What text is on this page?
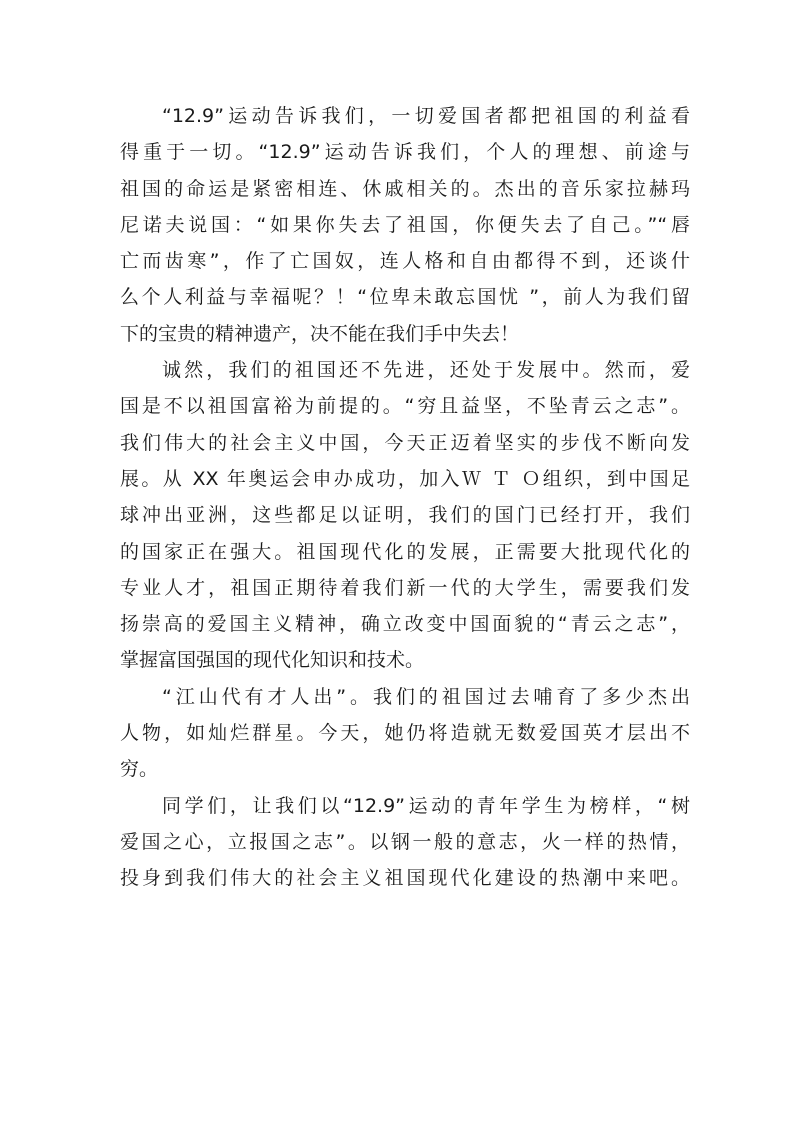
“12.9”运动告诉我们，一切爱国者都把祖国的利益看
得重于一切。“12.9”运动告诉我们，个人的理想、前途与
祖国的命运是紧密相连、休戚相关的。杰出的音乐家拉赫玛
尼诺夫说国：“如果你失去了祖国，你便失去了自己。”“唇
亡而齿寒”，作了亡国奴，连人格和自由都得不到，还谈什
么个人利益与幸福呢？！“位卑未敢忘国忧 ”，前人为我们留
下的宝贵的精神遗产，决不能在我们手中失去！
诚然，我们的祖国还不先进，还处于发展中。然而，爱
国是不以祖国富裕为前提的。“穷且益坚，不坠青云之志”。
我们伟大的社会主义中国，今天正迈着坚实的步伐不断向发
展。从 XX 年奥运会申办成功，加入Ｗ Ｔ Ｏ组织，到中国足
球冲出亚洲，这些都足以证明，我们的国门已经打开，我们
的国家正在强大。祖国现代化的发展，正需要大批现代化的
专业人才，祖国正期待着我们新一代的大学生，需要我们发
扬崇高的爱国主义精神，确立改变中国面貌的“青云之志”，
掌握富国强国的现代化知识和技术。
“江山代有才人出”。我们的祖国过去哺育了多少杰出
人物，如灿烂群星。今天，她仍将造就无数爱国英才层出不
穷。
同学们，让我们以“12.9”运动的青年学生为榜样，“树
爱国之心，立报国之志”。以钢一般的意志，火一样的热情，
投身到我们伟大的社会主义祖国现代化建设的热潮中来吧。
